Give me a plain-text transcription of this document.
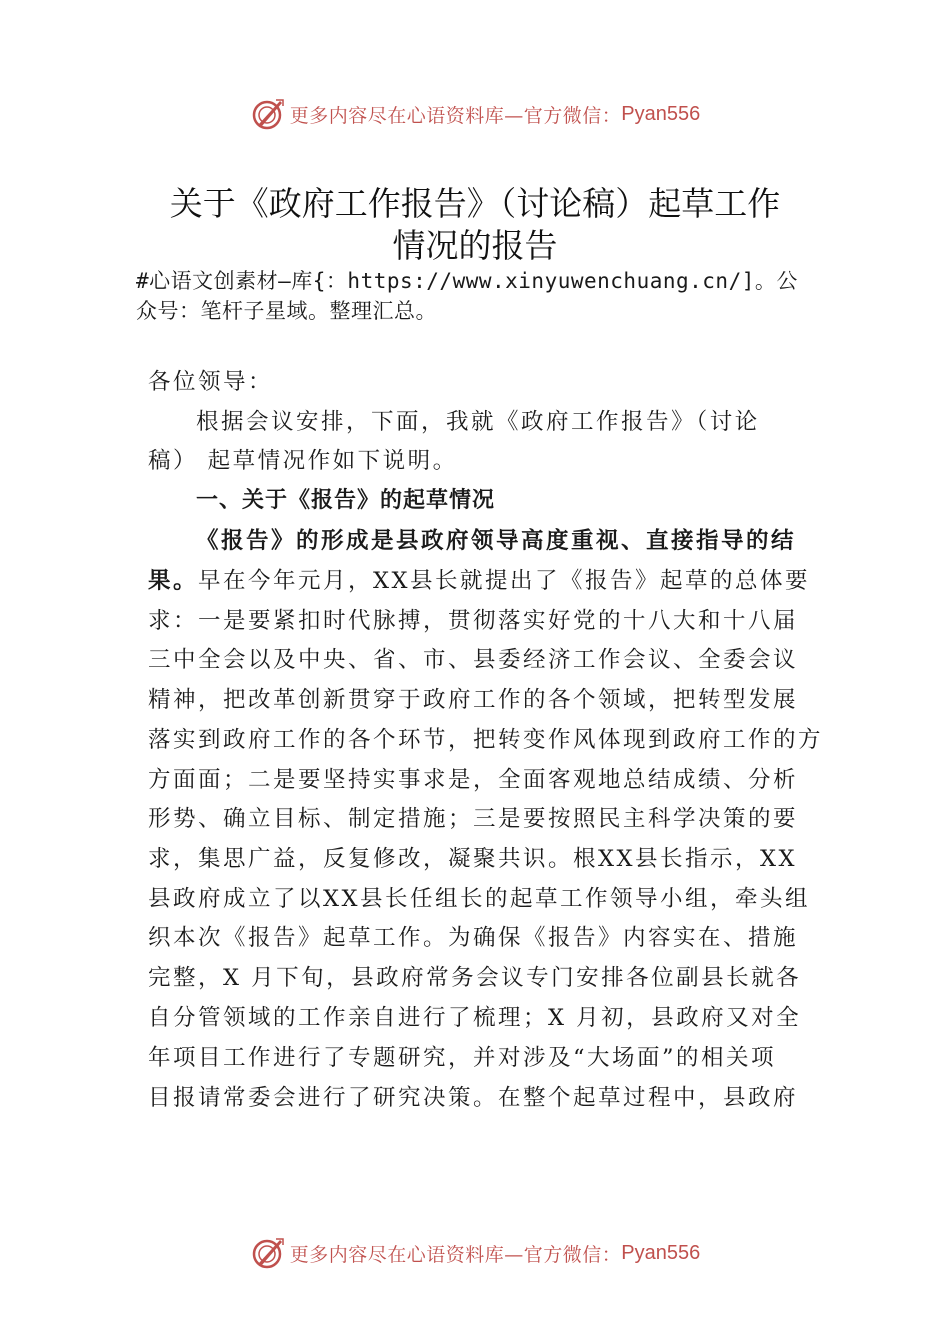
更多内容尽在心语资料库—官方微信： Pyan556
关于《政府工作报告》（讨论稿）起草工作
情况的报告
#心语文创素材—库{：https://www.xinyuwenchuang.cn/]。公
众号：笔杆子星域。整理汇总。
各位领导：
根据会议安排，下面，我就《政府工作报告》（讨论
稿） 起草情况作如下说明。
一、关于《报告》的起草情况
《报告》的形成是县政府领导高度重视、直接指导的结
果。早在今年元月，XX县长就提出了《报告》起草的总体要
求：一是要紧扣时代脉搏，贯彻落实好党的十八大和十八届
三中全会以及中央、省、市、县委经济工作会议、全委会议
精神，把改革创新贯穿于政府工作的各个领域，把转型发展
落实到政府工作的各个环节，把转变作风体现到政府工作的方
方面面；二是要坚持实事求是，全面客观地总结成绩、分析
形势、确立目标、制定措施；三是要按照民主科学决策的要
求，集思广益，反复修改，凝聚共识。根XX县长指示，XX
县政府成立了以XX县长任组长的起草工作领导小组，牵头组
织本次《报告》起草工作。为确保《报告》内容实在、措施
完整，X 月下旬，县政府常务会议专门安排各位副县长就各
自分管领域的工作亲自进行了梳理；X 月初，县政府又对全
年项目工作进行了专题研究，并对涉及“大场面”的相关项
目报请常委会进行了研究决策。在整个起草过程中，县政府
更多内容尽在心语资料库—官方微信： Pyan556
